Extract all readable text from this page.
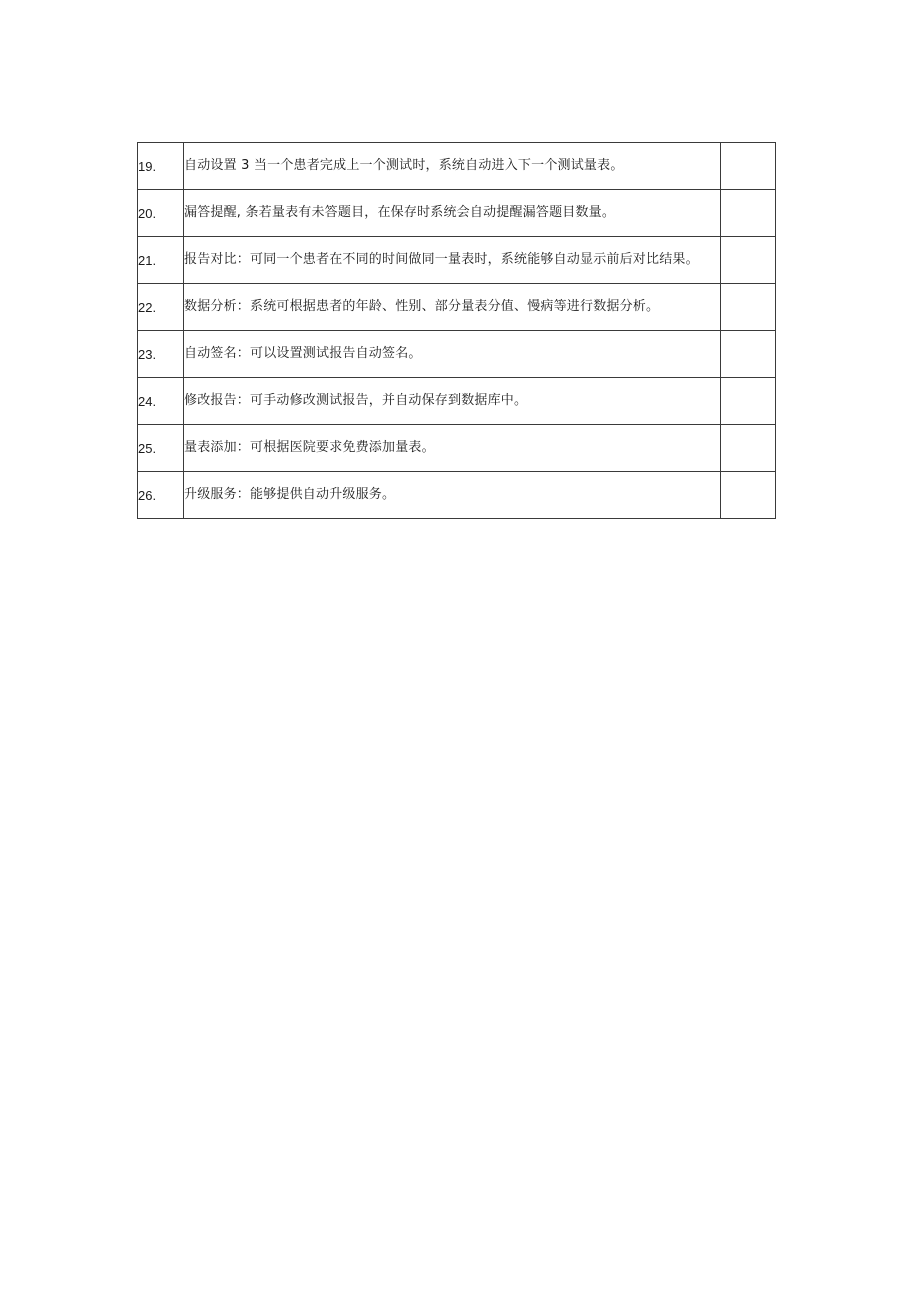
19.	自动设置 3 当一个患者完成上一个测试时，系统自动进入下一个测试量表。	
20.	漏答提醒, 条若量表有未答题目，在保存时系统会自动提醒漏答题目数量。	
21.	报告对比：可同一个患者在不同的时间做同一量表时，系统能够自动显示前后对比结果。	
22.	数据分析：系统可根据患者的年龄、性别、部分量表分值、慢病等进行数据分析。	
23.	自动签名：可以设置测试报告自动签名。	
24.	修改报告：可手动修改测试报告，并自动保存到数据库中。	
25.	量表添加：可根据医院要求免费添加量表。	
26.	升级服务：能够提供自动升级服务。	
